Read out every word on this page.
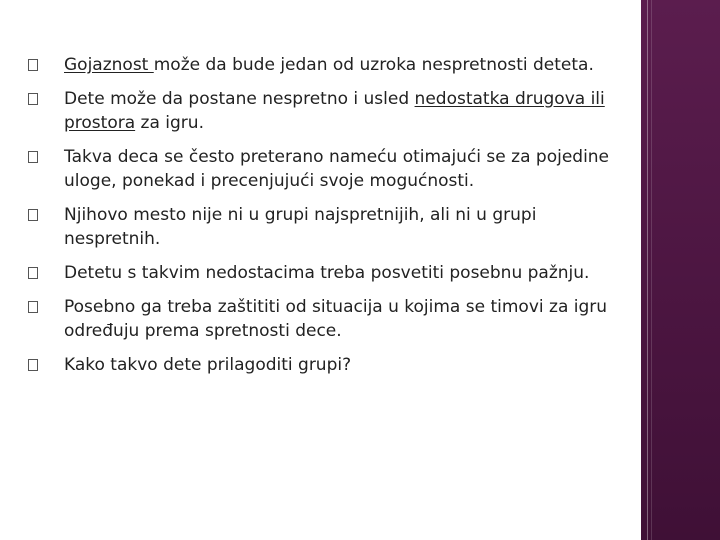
Gojaznost može da bude jedan od uzroka nespretnosti deteta.
Dete može da postane nespretno i usled nedostatka drugova ili prostora za igru.
Takva deca se često preterano nameću otimajući se za pojedine uloge, ponekad i precenjujući svoje mogućnosti.
Njihovo mesto nije ni u grupi najspretnijih, ali ni u grupi nespretnih.
Detetu s takvim nedostacima treba posvetiti posebnu pažnju.
Posebno ga treba zaštititi od situacija u kojima se timovi za igru određuju prema spretnosti dece.
Kako takvo dete prilagoditi grupi?
